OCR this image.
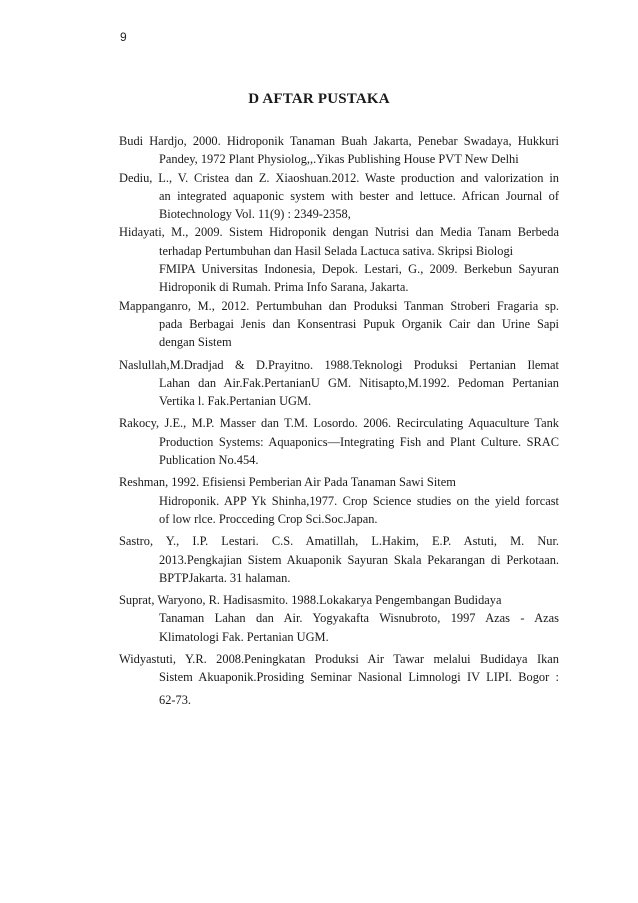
9
D AFTAR PUSTAKA
Budi Hardjo, 2000. Hidroponik Tanaman Buah Jakarta, Penebar Swadaya, Hukkuri
Pandey, 1972 Plant Physiolog,,.Yikas Publishing House PVT New Delhi
Dediu, L., V. Cristea dan Z. Xiaoshuan.2012. Waste production and valorization in
an integrated aquaponic system with bester and lettuce. African Journal of
Biotechnology Vol. 11(9) : 2349-2358,
Hidayati, M., 2009. Sistem Hidroponik dengan Nutrisi dan Media Tanam Berbeda
terhadap Pertumbuhan dan Hasil Selada Lactuca sativa. Skripsi Biologi
FMIPA Universitas Indonesia, Depok. Lestari, G., 2009. Berkebun Sayuran
Hidroponik di Rumah. Prima Info Sarana, Jakarta.
Mappanganro, M., 2012. Pertumbuhan dan Produksi Tanman Stroberi Fragaria sp.
pada Berbagai Jenis dan Konsentrasi Pupuk Organik Cair dan Urine Sapi
dengan Sistem
Naslullah,M.Dradjad & D.Prayitno. 1988.Teknologi Produksi Pertanian Ilemat
Lahan dan Air.Fak.PertanianU GM. Nitisapto,M.1992. Pedoman Pertanian
Vertika l. Fak.Pertanian UGM.
Rakocy, J.E., M.P. Masser dan T.M. Losordo. 2006. Recirculating Aquaculture Tank
Production Systems: Aquaponics—Integrating Fish and Plant Culture. SRAC
Publication No.454.
Reshman, 1992. Efisiensi Pemberian Air Pada Tanaman Sawi Sitem
Hidroponik. APP Yk Shinha,1977. Crop Science studies on the yield forcast
of low rlce. Procceding Crop Sci.Soc.Japan.
Sastro, Y., I.P. Lestari. C.S. Amatillah, L.Hakim, E.P. Astuti, M. Nur.
2013.Pengkajian Sistem Akuaponik Sayuran Skala Pekarangan di Perkotaan.
BPTPJakarta. 31 halaman.
Suprat, Waryono, R. Hadisasmito. 1988.Lokakarya Pengembangan Budidaya
Tanaman Lahan dan Air. Yogyakafta Wisnubroto, 1997 Azas - Azas
Klimatologi Fak. Pertanian UGM.
Widyastuti, Y.R. 2008.Peningkatan Produksi Air Tawar melalui Budidaya Ikan
Sistem Akuaponik.Prosiding Seminar Nasional Limnologi IV LIPI. Bogor :
62-73.
